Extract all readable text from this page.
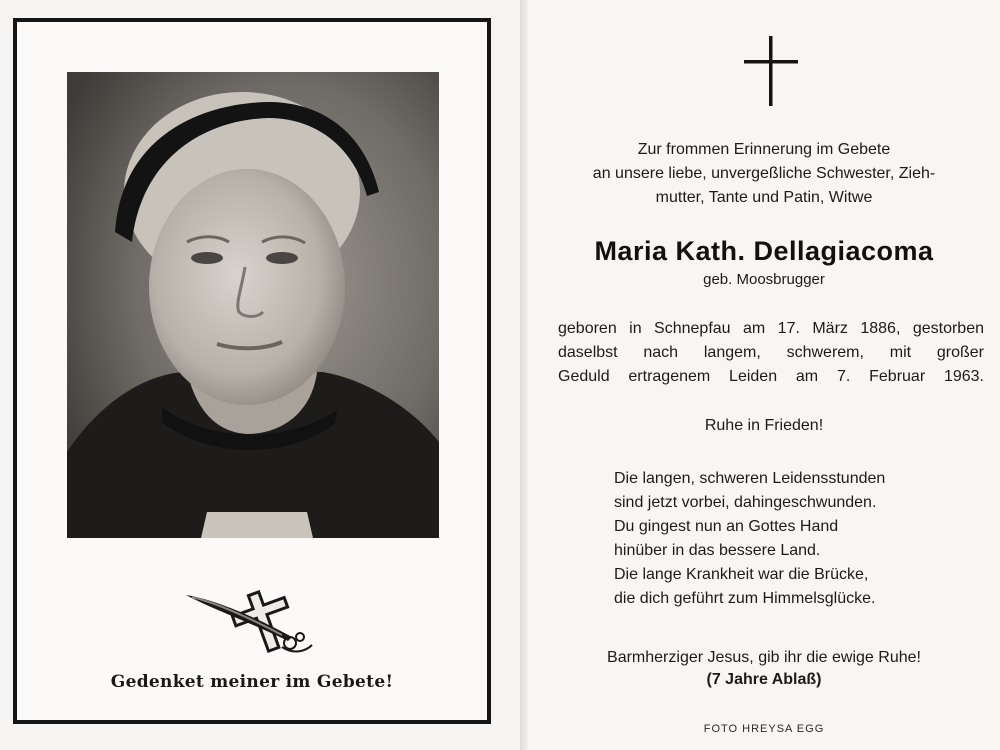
Gedenket meiner im Gebete!
Zur frommen Erinnerung im Gebete
an unsere liebe, unvergeßliche Schwester, Zieh-
mutter, Tante und Patin, Witwe
Maria Kath. Dellagiacoma
geb. Moosbrugger
geboren in Schnepfau am 17. März 1886, gestorben
daselbst nach langem, schwerem, mit großer
Geduld ertragenem Leiden am 7. Februar 1963.
Ruhe in Frieden!
Die langen, schweren Leidensstunden
sind jetzt vorbei, dahingeschwunden.
Du gingest nun an Gottes Hand
hinüber in das bessere Land.
Die lange Krankheit war die Brücke,
die dich geführt zum Himmelsglücke.
Barmherziger Jesus, gib ihr die ewige Ruhe!
(7 Jahre Ablaß)
FOTO HREYSA EGG
